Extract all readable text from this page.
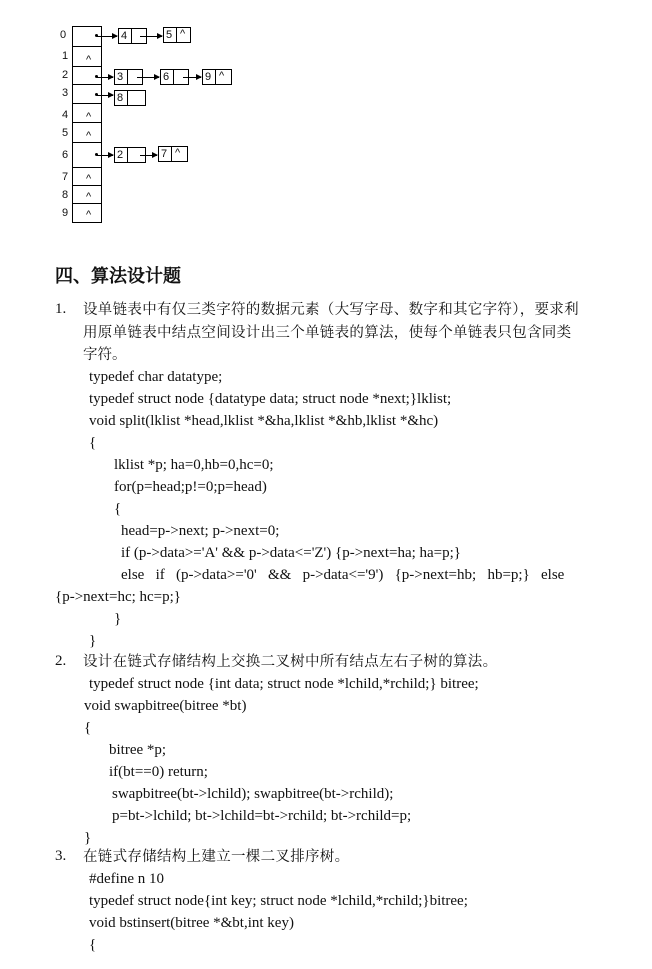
0
1
2
3
4
5
6
7
8
9
^
^
^
^
^
^
4	5 ^
3	6	9 ^
8
2	7 ^
四、算法设计题
1. 设单链表中有仅三类字符的数据元素（大写字母、数字和其它字符），要求利
用原单链表中结点空间设计出三个单链表的算法，使每个单链表只包含同类
字符。
typedef char datatype;
typedef struct node {datatype data; struct node *next;}lklist;
void split(lklist *head,lklist *&ha,lklist *&hb,lklist *&hc)
{
lklist *p; ha=0,hb=0,hc=0;
for(p=head;p!=0;p=head)
{
head=p->next; p->next=0;
if (p->data>='A' && p->data<='Z') {p->next=ha; ha=p;}
else   if   (p->data>='0'   &&   p->data<='9')   {p->next=hb;   hb=p;}   else
{p->next=hc; hc=p;}
}
}
2. 设计在链式存储结构上交换二叉树中所有结点左右子树的算法。
typedef struct node {int data; struct node *lchild,*rchild;} bitree;
void swapbitree(bitree *bt)
{
bitree *p;
if(bt==0) return;
swapbitree(bt->lchild); swapbitree(bt->rchild);
p=bt->lchild; bt->lchild=bt->rchild; bt->rchild=p;
}
3. 在链式存储结构上建立一棵二叉排序树。
#define n 10
typedef struct node{int key; struct node *lchild,*rchild;}bitree;
void bstinsert(bitree *&bt,int key)
{
